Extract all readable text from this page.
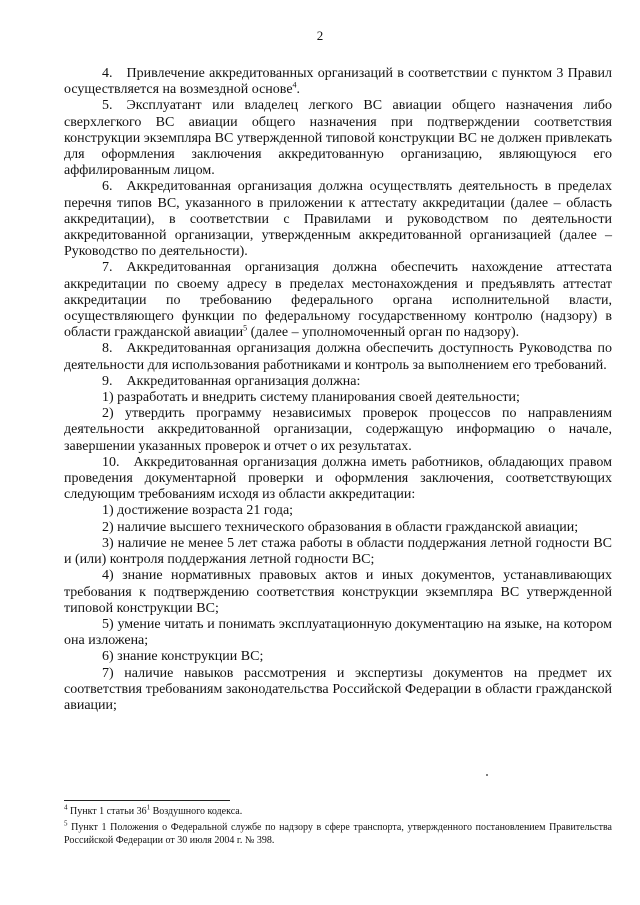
2

4. Привлечение аккредитованных организаций в соответствии с пунктом 3 Правил осуществляется на возмездной основе$^4$.

5. Эксплуатант или владелец легкого ВС авиации общего назначения либо сверхлегкого ВС авиации общего назначения при подтверждении соответствия конструкции экземпляра ВС утвержденной типовой конструкции ВС не должен привлекать для оформления заключения аккредитованную организацию, являющуюся его аффилированным лицом.

6. Аккредитованная организация должна осуществлять деятельность в пределах перечня типов ВС, указанного в приложении к аттестату аккредитации (далее – область аккредитации), в соответствии с Правилами и руководством по деятельности аккредитованной организации, утвержденным аккредитованной организацией (далее – Руководство по деятельности).

7. Аккредитованная организация должна обеспечить нахождение аттестата аккредитации по своему адресу в пределах местонахождения и предъявлять аттестат аккредитации по требованию федерального органа исполнительной власти, осуществляющего функции по федеральному государственному контролю (надзору) в области гражданской авиации$^5$ (далее – уполномоченный орган по надзору).

8. Аккредитованная организация должна обеспечить доступность Руководства по деятельности для использования работниками и контроль за выполнением его требований.

9. Аккредитованная организация должна:

1) разработать и внедрить систему планирования своей деятельности;

2) утвердить программу независимых проверок процессов по направлениям деятельности аккредитованной организации, содержащую информацию о начале, завершении указанных проверок и отчет о их результатах.

10. Аккредитованная организация должна иметь работников, обладающих правом проведения документарной проверки и оформления заключения, соответствующих следующим требованиям исходя из области аккредитации:

1) достижение возраста 21 года;

2) наличие высшего технического образования в области гражданской авиации;

3) наличие не менее 5 лет стажа работы в области поддержания летной годности ВС и (или) контроля поддержания летной годности ВС;

4) знание нормативных правовых актов и иных документов, устанавливающих требования к подтверждению соответствия конструкции экземпляра ВС утвержденной типовой конструкции ВС;

5) умение читать и понимать эксплуатационную документацию на языке, на котором она изложена;

6) знание конструкции ВС;

7) наличие навыков рассмотрения и экспертизы документов на предмет их соответствия требованиям законодательства Российской Федерации в области гражданской авиации;

$^4$ Пункт 1 статьи $36^1$ Воздушного кодекса.

$^5$ Пункт 1 Положения о Федеральной службе по надзору в сфере транспорта, утвержденного постановлением Правительства Российской Федерации от 30 июля 2004 г. № 398.
